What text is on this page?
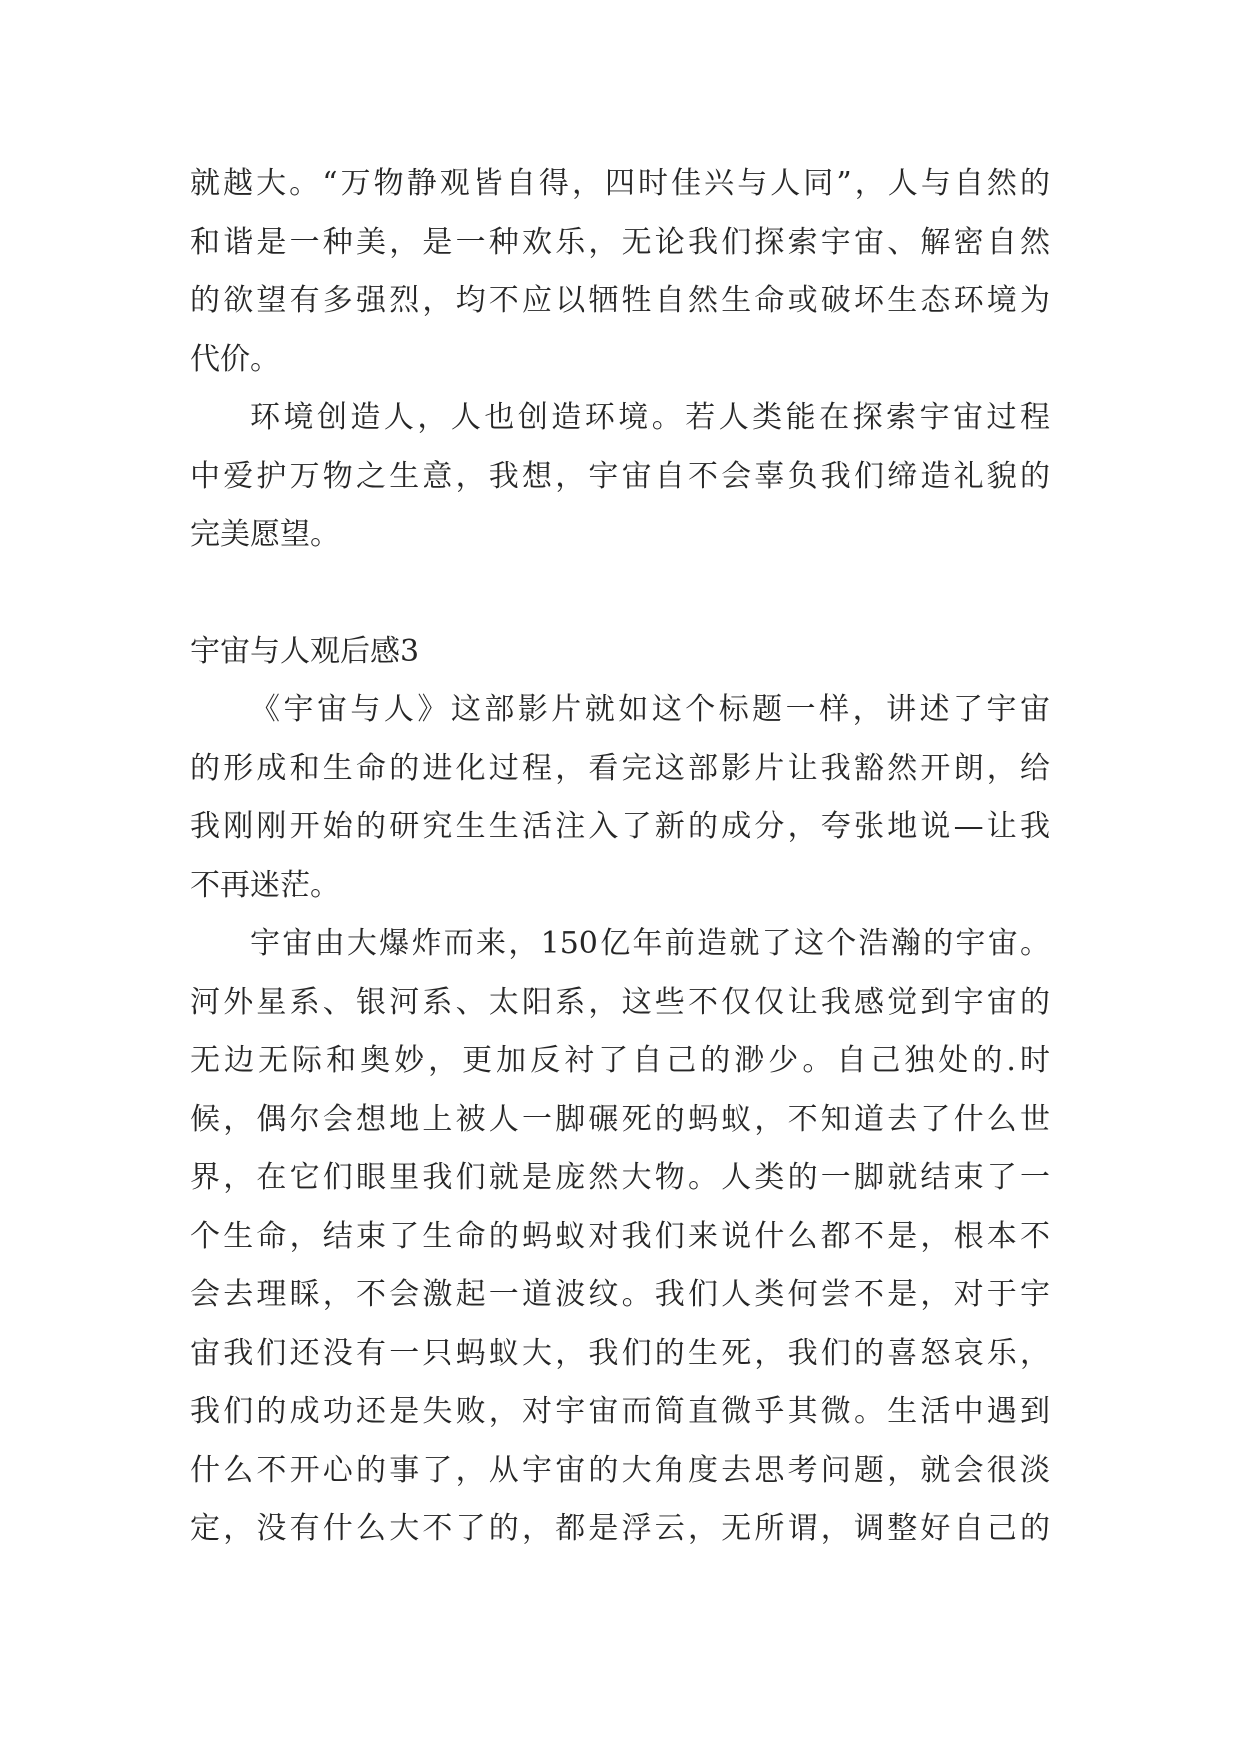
就越大。“万物静观皆自得，四时佳兴与人同”，人与自然的
和谐是一种美，是一种欢乐，无论我们探索宇宙、解密自然
的欲望有多强烈，均不应以牺牲自然生命或破坏生态环境为
代价。
环境创造人，人也创造环境。若人类能在探索宇宙过程
中爱护万物之生意，我想，宇宙自不会辜负我们缔造礼貌的
完美愿望。
宇宙与人观后感3
《宇宙与人》这部影片就如这个标题一样，讲述了宇宙
的形成和生命的进化过程，看完这部影片让我豁然开朗，给
我刚刚开始的研究生生活注入了新的成分，夸张地说—让我
不再迷茫。
宇宙由大爆炸而来，150亿年前造就了这个浩瀚的宇宙。
河外星系、银河系、太阳系，这些不仅仅让我感觉到宇宙的
无边无际和奥妙，更加反衬了自己的渺少。自己独处的.时
候，偶尔会想地上被人一脚碾死的蚂蚁，不知道去了什么世
界，在它们眼里我们就是庞然大物。人类的一脚就结束了一
个生命，结束了生命的蚂蚁对我们来说什么都不是，根本不
会去理睬，不会激起一道波纹。我们人类何尝不是，对于宇
宙我们还没有一只蚂蚁大，我们的生死，我们的喜怒哀乐，
我们的成功还是失败，对宇宙而简直微乎其微。生活中遇到
什么不开心的事了，从宇宙的大角度去思考问题，就会很淡
定，没有什么大不了的，都是浮云，无所谓，调整好自己的
